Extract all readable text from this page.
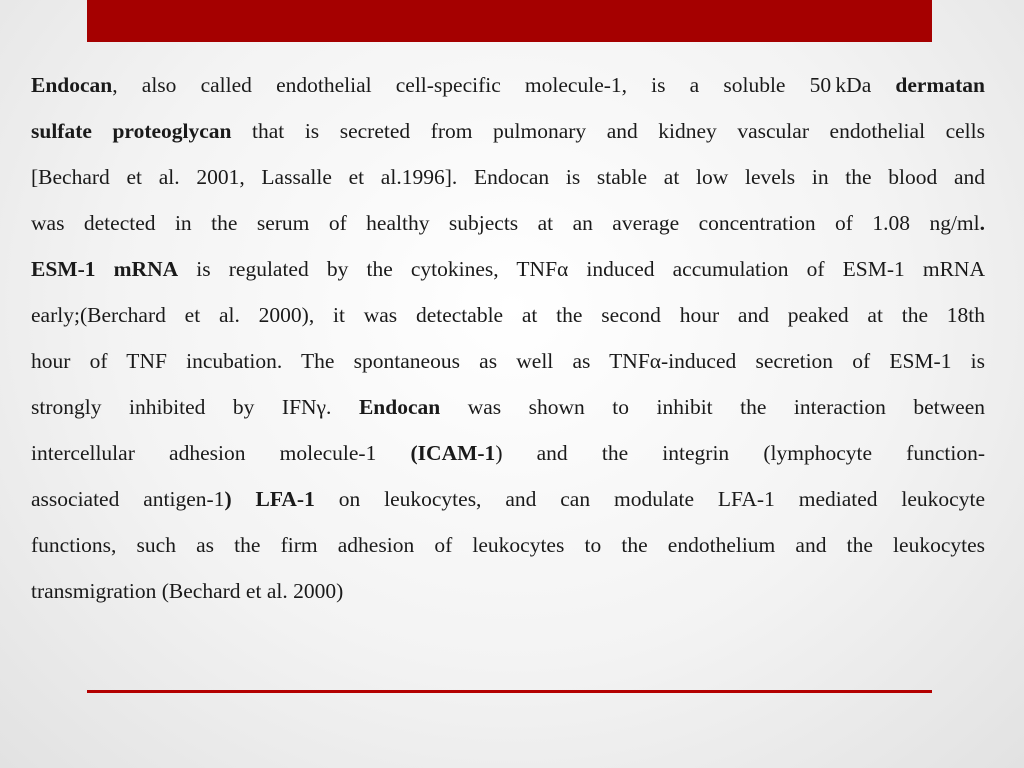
Endocan, also called endothelial cell-specific molecule-1, is a soluble 50 kDa dermatan
sulfate proteoglycan that is secreted from pulmonary and kidney vascular endothelial cells
[Bechard et al. 2001, Lassalle et al.1996]. Endocan is stable at low levels in the blood and
was detected in the serum of healthy subjects at an average concentration of 1.08 ng/ml.
ESM-1 mRNA is regulated by the cytokines, TNFα induced accumulation of ESM-1 mRNA
early;(Berchard et al. 2000), it was detectable at the second hour and peaked at the 18th
hour of TNF incubation. The spontaneous as well as TNFα-induced secretion of ESM-1 is
strongly inhibited by IFNγ. Endocan was shown to inhibit the interaction between
intercellular adhesion molecule-1 (ICAM-1) and the integrin (lymphocyte function-
associated antigen-1) LFA-1 on leukocytes, and can modulate LFA-1 mediated leukocyte
functions, such as the firm adhesion of leukocytes to the endothelium and the leukocytes
transmigration (Bechard et al. 2000)
